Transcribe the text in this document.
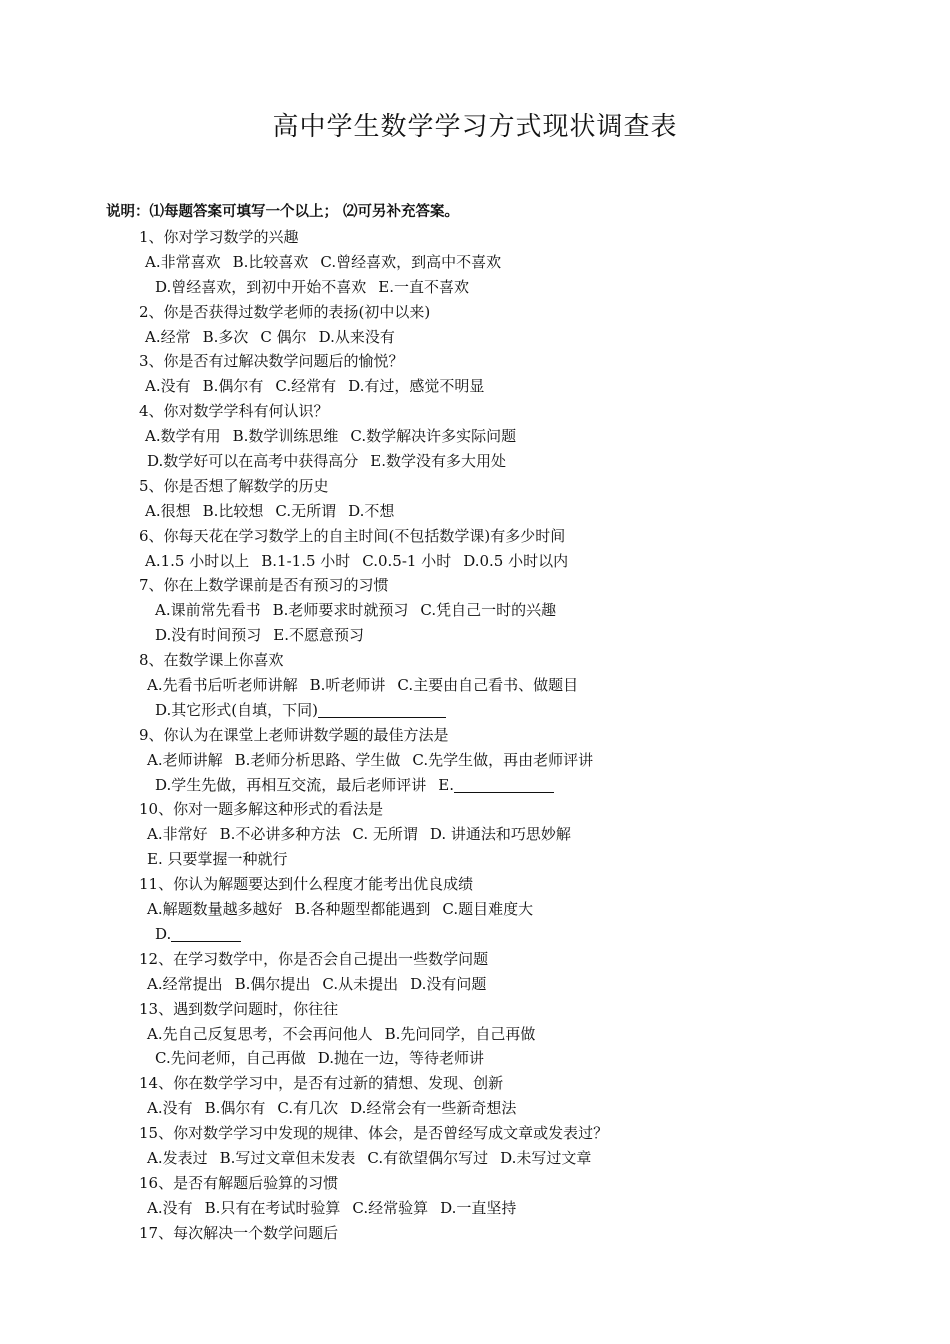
高中学生数学学习方式现状调查表
说明：⑴每题答案可填写一个以上； ⑵可另补充答案。
1、你对学习数学的兴趣
A.非常喜欢 B.比较喜欢 C.曾经喜欢，到高中不喜欢
D.曾经喜欢，到初中开始不喜欢 E.一直不喜欢
2、你是否获得过数学老师的表扬(初中以来)
A.经常 B.多次 C 偶尔 D.从来没有
3、你是否有过解决数学问题后的愉悦？
A.没有 B.偶尔有 C.经常有 D.有过，感觉不明显
4、你对数学学科有何认识？
A.数学有用 B.数学训练思维 C.数学解决许多实际问题
D.数学好可以在高考中获得高分 E.数学没有多大用处
5、你是否想了解数学的历史
A.很想 B.比较想 C.无所谓 D.不想
6、你每天花在学习数学上的自主时间(不包括数学课)有多少时间
A.1.5 小时以上 B.1-1.5 小时 C.0.5-1 小时 D.0.5 小时以内
7、你在上数学课前是否有预习的习惯
A.课前常先看书 B.老师要求时就预习 C.凭自己一时的兴趣
D.没有时间预习 E.不愿意预习
8、在数学课上你喜欢
A.先看书后听老师讲解 B.听老师讲 C.主要由自己看书、做题目
D.其它形式(自填，下同)
9、你认为在课堂上老师讲数学题的最佳方法是
A.老师讲解 B.老师分析思路、学生做 C.先学生做，再由老师评讲
D.学生先做，再相互交流，最后老师评讲 E.
10、你对一题多解这种形式的看法是
A.非常好 B.不必讲多种方法 C. 无所谓 D. 讲通法和巧思妙解
E. 只要掌握一种就行
11、你认为解题要达到什么程度才能考出优良成绩
A.解题数量越多越好 B.各种题型都能遇到 C.题目难度大
D.
12、在学习数学中，你是否会自己提出一些数学问题
A.经常提出 B.偶尔提出 C.从未提出 D.没有问题
13、遇到数学问题时，你往往
A.先自己反复思考，不会再问他人 B.先问同学，自己再做
C.先问老师，自己再做 D.抛在一边，等待老师讲
14、你在数学学习中，是否有过新的猜想、发现、创新
A.没有 B.偶尔有 C.有几次 D.经常会有一些新奇想法
15、你对数学学习中发现的规律、体会，是否曾经写成文章或发表过？
A.发表过 B.写过文章但未发表 C.有欲望偶尔写过 D.未写过文章
16、是否有解题后验算的习惯
A.没有 B.只有在考试时验算 C.经常验算 D.一直坚持
17、每次解决一个数学问题后
